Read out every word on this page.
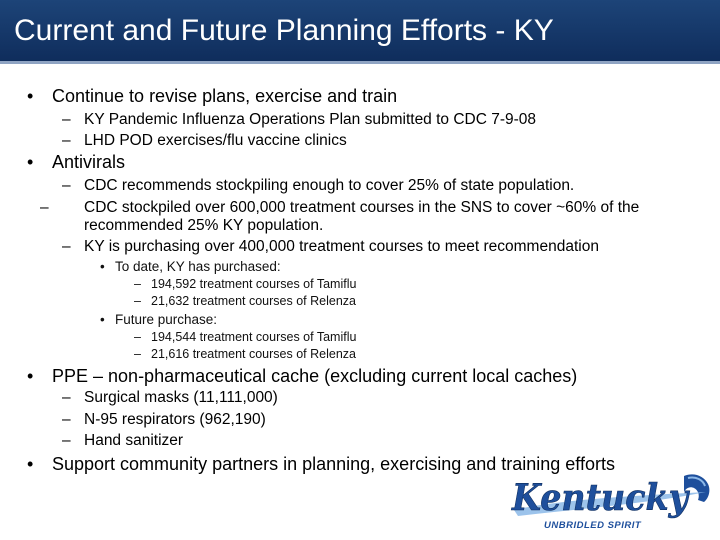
Current and Future Planning Efforts - KY
• Continue to revise plans, exercise and train
– KY Pandemic Influenza Operations Plan submitted to CDC 7-9-08
– LHD POD exercises/flu vaccine clinics
• Antivirals
– CDC recommends stockpiling enough to cover 25% of state population.
– CDC stockpiled over 600,000 treatment courses in the SNS to cover ~60% of the recommended 25% KY population.
– KY is purchasing over 400,000 treatment courses to meet recommendation
• To date, KY has purchased:
– 194,592 treatment courses of Tamiflu
– 21,632 treatment courses of Relenza
• Future purchase:
– 194,544 treatment courses of Tamiflu
– 21,616 treatment courses of Relenza
• PPE – non-pharmaceutical cache (excluding current local caches)
– Surgical masks (11,111,000)
– N-95 respirators (962,190)
– Hand sanitizer
• Support community partners in planning, exercising and training efforts
Kentucky
UNBRIDLED SPIRIT
